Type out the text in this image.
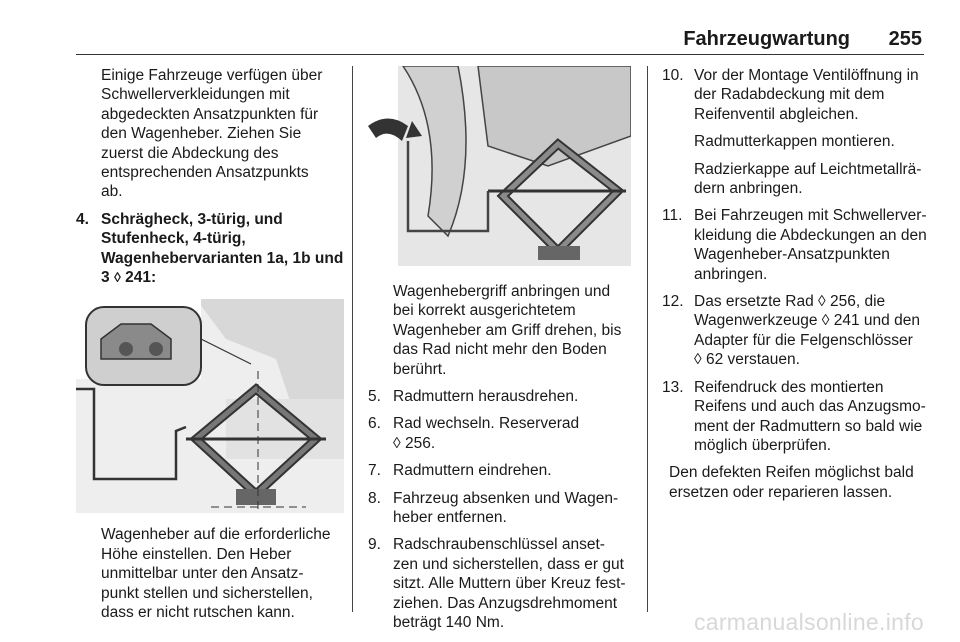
Fahrzeugwartung 255
Einige Fahrzeuge verfügen über
Schwellerverkleidungen mit
abgedeckten Ansatzpunkten für
den Wagenheber. Ziehen Sie
zuerst die Abdeckung des
entsprechenden Ansatzpunkts
ab.
4. Schrägheck, 3-türig, und
Stufenheck, 4-türig,
Wagenhebervarianten 1a, 1b und
3 ◊ 241:
Wagenheber auf die erforderliche
Höhe einstellen. Den Heber
unmittelbar unter den Ansatz-
punkt stellen und sicherstellen,
dass er nicht rutschen kann.
Wagenhebergriff anbringen und
bei korrekt ausgerichtetem
Wagenheber am Griff drehen, bis
das Rad nicht mehr den Boden
berührt.
5. Radmuttern herausdrehen.
6. Rad wechseln. Reserverad
◊ 256.
7. Radmuttern eindrehen.
8. Fahrzeug absenken und Wagen-
heber entfernen.
9. Radschraubenschlüssel anset-
zen und sicherstellen, dass er gut
sitzt. Alle Muttern über Kreuz fest-
ziehen. Das Anzugsdrehmoment
beträgt 140 Nm.
10. Vor der Montage Ventilöffnung in
der Radabdeckung mit dem
Reifenventil abgleichen.
Radmutterkappen montieren.
Radzierkappe auf Leichtmetallrä-
dern anbringen.
11. Bei Fahrzeugen mit Schwellerver-
kleidung die Abdeckungen an den
Wagenheber-Ansatzpunkten
anbringen.
12. Das ersetzte Rad ◊ 256, die
Wagenwerkzeuge ◊ 241 und den
Adapter für die Felgenschlösser
◊ 62 verstauen.
13. Reifendruck des montierten
Reifens und auch das Anzugsmo-
ment der Radmuttern so bald wie
möglich überprüfen.
Den defekten Reifen möglichst bald
ersetzen oder reparieren lassen.
carmanualsonline.info
